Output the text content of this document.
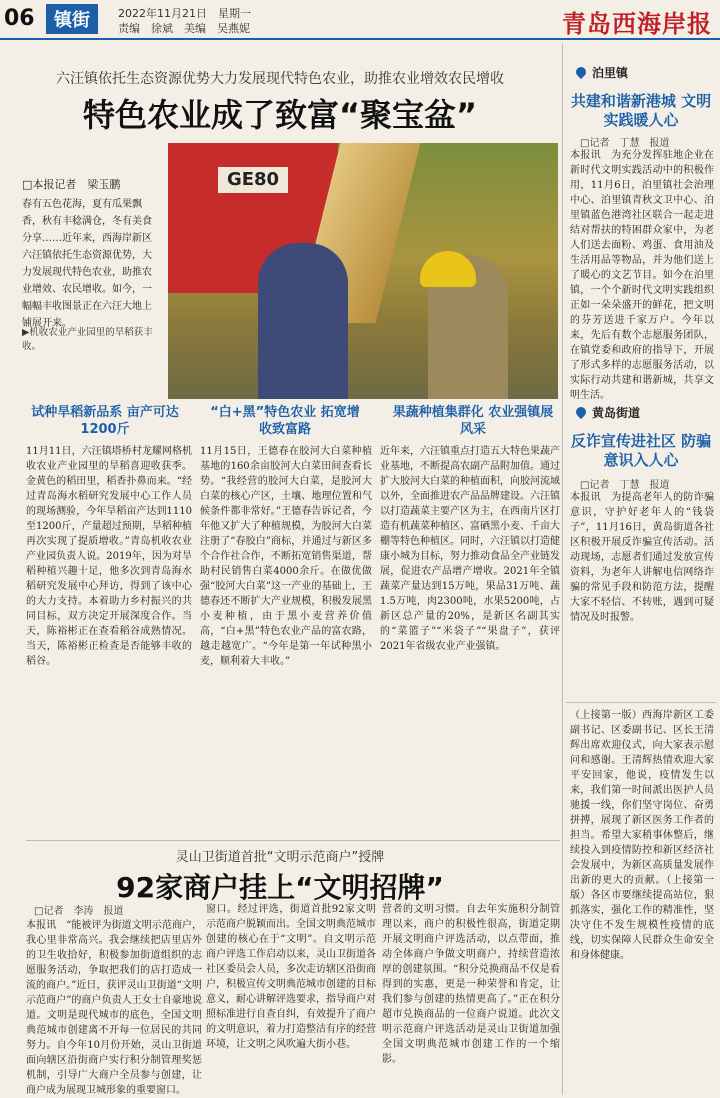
06	镇街	2022年11月21日　星期一
责编　徐斌　美编　吴燕妮	青岛西海岸报
六汪镇依托生态资源优势大力发展现代特色农业，助推农业增效农民增收
特色农业成了致富“聚宝盆”
□本报记者　梁玉鹏
春有五色花海，夏有瓜果飘香，秋有丰稔满仓，冬有美食分享……近年来，西海岸新区六汪镇依托生态资源优势，大力发展现代特色农业，助推农业增效、农民增收。如今，一幅幅丰收图景正在六汪大地上铺展开来。
▶机收农业产业园里的旱稻获丰收。
GE80
试种旱稻新品系 亩产可达1200斤
“白+黑”特色农业 拓宽增收致富路
果蔬种植集群化 农业强镇展风采
11月11日，六汪镇塔桥村龙耀网格机收农业产业园里的旱稻喜迎收获季。金黄色的稻田里，稻香扑鼻而来。“经过青岛海水稻研究发展中心工作人员的现场测验，今年旱稻亩产达到1110至1200斤，产量超过预期，旱稻种植再次实现了提质增收。”青岛机收农业产业园负责人说。2019年，因为对旱稻种植兴趣十足，他多次到青岛海水稻研究发展中心拜访，得到了该中心的大力支持。本着助力乡村振兴的共同目标，双方决定开展深度合作。当天，陈裕彬正在查看稻谷成熟情况。当天，陈裕彬正检查是否能够丰收的稻谷。
11月15日，王德春在胶河大白菜种植基地的160余亩胶河大白菜田间查看长势。“我经营的胶河大白菜，是胶河大白菜的核心产区，土壤、地理位置和气候条件都非常好。”王德春告诉记者，今年他又扩大了种植规模，为胶河大白菜注册了“春胶白”商标，并通过与新区多个合作社合作，不断拓宽销售渠道，帮助村民销售白菜4000余斤。在做优做强“胶河大白菜”这一产业的基础上，王德春还不断扩大产业规模，积极发展黑小麦种植，由于黑小麦营养价值高，“白+黑”特色农业产品的富农路，越走越宽广。“今年是第一年试种黑小麦，顺利着大丰收。”
近年来，六汪镇重点打造五大特色果蔬产业基地，不断提高农副产品附加值。通过扩大胶河大白菜的种植面积，向胶河流域以外，全面推进农产品品牌建设。六汪镇以打造蔬菜主要产区为主，在西南片区打造有机蔬菜种植区、富硒黑小麦、千亩大棚等特色种植区。同时，六汪镇以打造健康小城为目标，努力推动食品全产业链发展，促进农产品增产增收。2021年全镇蔬菜产量达到15万吨，果品31万吨、蔬1.5万吨，肉2300吨，水果5200吨，占新区总产量的20%，是新区名副其实的“菜篮子”“米袋子”“果盘子”，获评2021年省级农业产业强镇。
灵山卫街道首批“文明示范商户”授牌
92家商户挂上“文明招牌”
□记者　李涛　报道
本报讯　“能被评为街道文明示范商户，我心里非常高兴。我会继续把店里店外的卫生收拾好，积极参加街道组织的志愿服务活动，争取把我们的店打造成一流的商户。”近日，获评灵山卫街道“文明示范商户”的商户负责人王女士自豪地说道。文明是现代城市的底色，全国文明典范城市创建离不开每一位居民的共同努力。自今年10月份开始，灵山卫街道面向辖区沿街商户实行积分制管理奖惩机制，引导广大商户全员参与创建，让商户成为展现卫城形象的重要窗口。
窗口。经过评选，街道首批92家文明示范商户脱颖而出。全国文明典范城市创建的核心在于“文明”。自文明示范商户评选工作启动以来，灵山卫街道各社区委员会人员，多次走访辖区沿街商户，积极宣传文明典范城市创建的目标意义，耐心讲解评选要求，指导商户对照标准进行自查自纠，有效提升了商户的文明意识，着力打造整洁有序的经营环境，让文明之风吹遍大街小巷。
营者的文明习惯。自去年实施积分制管理以来，商户的积极性很高，街道定期开展文明商户评选活动，以点带面，推动全体商户争做文明商户，持续营造浓厚的创建氛围。“积分兑换商品不仅是看得到的实惠，更是一种荣誉和肯定，让我们参与创建的热情更高了。”正在积分超市兑换商品的一位商户说道。此次文明示范商户评选活动是灵山卫街道加强全国文明典范城市创建工作的一个缩影。
泊里镇
共建和谐新港城 文明实践暖人心
□记者　丁慧　报道
本报讯　为充分发挥驻地企业在新时代文明实践活动中的积极作用，11月6日，泊里镇社会治理中心、泊里镇青秋文卫中心、泊里镇蓝色港湾社区联合一起走进结对帮扶的特困群众家中，为老人们送去面粉、鸡蛋、食用油及生活用品等物品，并为他们送上了暖心的文艺节目。如今在泊里镇，一个个新时代文明实践组织正如一朵朵盛开的鲜花，把文明的芬芳送进千家万户。今年以来，先后有数个志愿服务团队，在镇党委和政府的指导下，开展了形式多样的志愿服务活动，以实际行动共建和谐新城，共享文明生活。
黄岛街道
反诈宣传进社区 防骗意识入人心
□记者　丁慧　报道
本报讯　为提高老年人的防诈骗意识，守护好老年人的“钱袋子”，11月16日，黄岛街道各社区积极开展反诈骗宣传活动。活动现场，志愿者们通过发放宣传资料，为老年人讲解电信网络诈骗的常见手段和防范方法，提醒大家不轻信、不转账，遇到可疑情况及时报警。
（上接第一版）西海岸新区工委副书记、区委副书记、区长王清辉出席欢迎仪式，向大家表示慰问和感谢。王清辉热情欢迎大家平安回家，他说，疫情发生以来，我们第一时间派出医护人员驰援一线，你们坚守岗位、奋勇拼搏，展现了新区医务工作者的担当。希望大家稍事休整后，继续投入到疫情防控和新区经济社会发展中，为新区高质量发展作出新的更大的贡献。（上接第一版）各区市要继续提高站位，狠抓落实，强化工作的精准性，坚决守住不发生规模性疫情的底线，切实保障人民群众生命安全和身体健康。
